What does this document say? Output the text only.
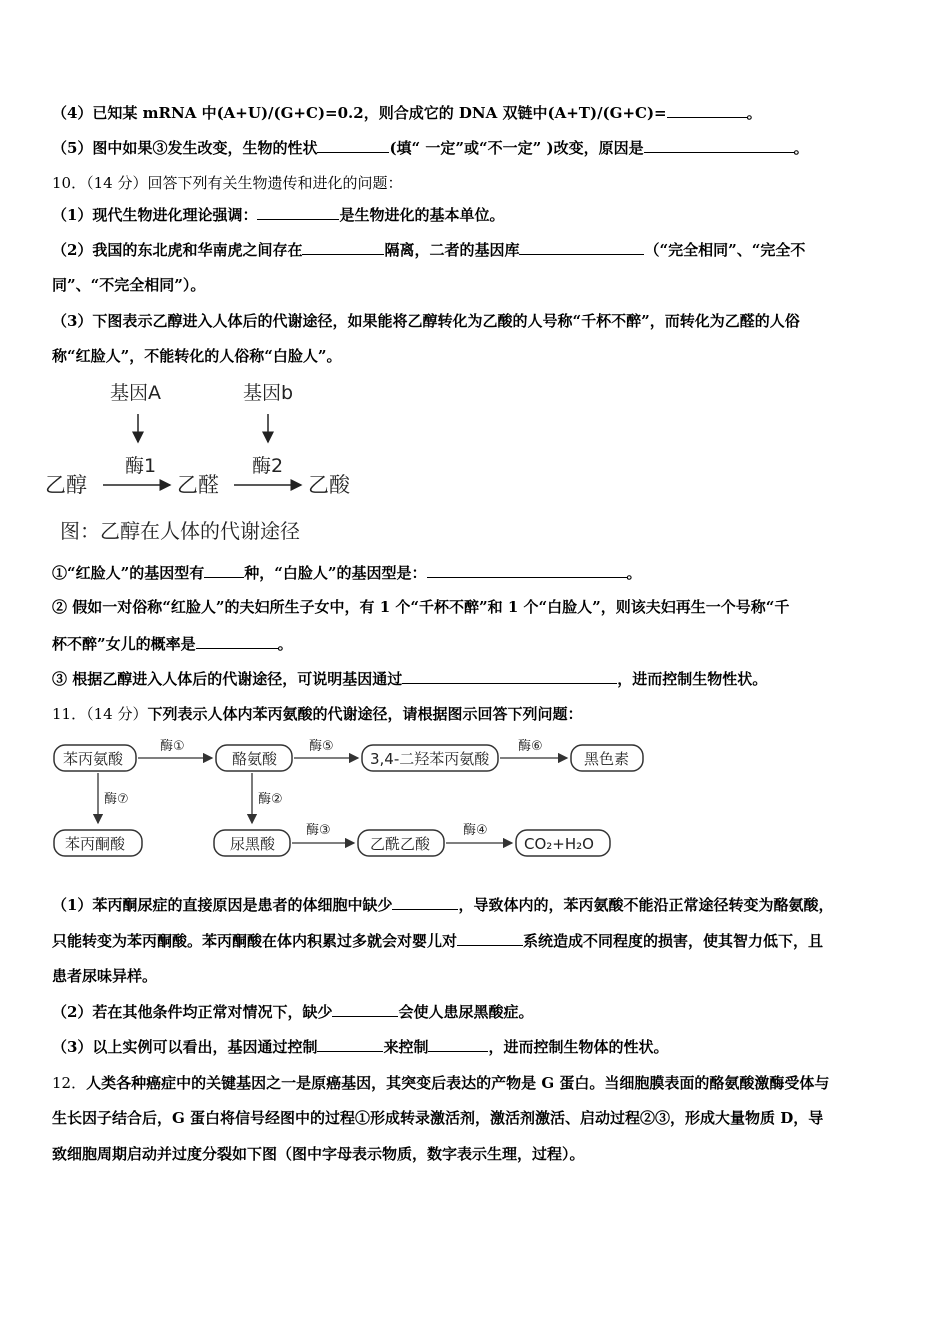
（4）已知某 mRNA 中(A+U)/(G+C)=0.2，则合成它的 DNA 双链中(A+T)/(G+C)=	。
（5）图中如果③发生改变，生物的性状	(填“ 一定”或“不一定” )改变，原因是	。
10．（14 分）回答下列有关生物遗传和进化的问题：
（1）现代生物进化理论强调：	是生物进化的基本单位。
（2）我国的东北虎和华南虎之间存在	隔离，二者的基因库	（“完全相同”、“完全不
同”、“不完全相同”）。
（3）下图表示乙醇进入人体后的代谢途径，如果能将乙醇转化为乙酸的人号称“千杯不醉”，而转化为乙醛的人俗
称“红脸人”，不能转化的人俗称“白脸人”。
基因A	基因b
酶1	酶2
乙醇	乙醛	乙酸
图：乙醇在人体的代谢途径
①“红脸人”的基因型有	种，“白脸人”的基因型是：	。
② 假如一对俗称“红脸人”的夫妇所生子女中，有 1 个“千杯不醉”和 1 个“白脸人”，则该夫妇再生一个号称“千
杯不醉”女儿的概率是	。
③ 根据乙醇进入人体后的代谢途径，可说明基因通过	，进而控制生物性状。
11．（14 分）下列表示人体内苯丙氨酸的代谢途径，请根据图示回答下列问题：
苯丙氨酸	酪氨酸	3,4-二羟苯丙氨酸	黑色素
酶①	酶⑤	酶⑥
酶⑦	酶②
苯丙酮酸	尿黑酸	乙酰乙酸	CO₂+H₂O
酶③	酶④
（1）苯丙酮尿症的直接原因是患者的体细胞中缺少	，导致体内的，苯丙氨酸不能沿正常途径转变为酪氨酸，
只能转变为苯丙酮酸。苯丙酮酸在体内积累过多就会对婴儿对	系统造成不同程度的损害，使其智力低下，且
患者尿味异样。
（2）若在其他条件均正常对情况下，缺少	会使人患尿黑酸症。
（3）以上实例可以看出，基因通过控制	来控制	，进而控制生物体的性状。
12．人类各种癌症中的关键基因之一是原癌基因，其突变后表达的产物是 G 蛋白。当细胞膜表面的酪氨酸激酶受体与
生长因子结合后，G 蛋白将信号经图中的过程①形成转录激活剂，激活剂激活、启动过程②③，形成大量物质 D，导
致细胞周期启动并过度分裂如下图（图中字母表示物质，数字表示生理，过程）。
